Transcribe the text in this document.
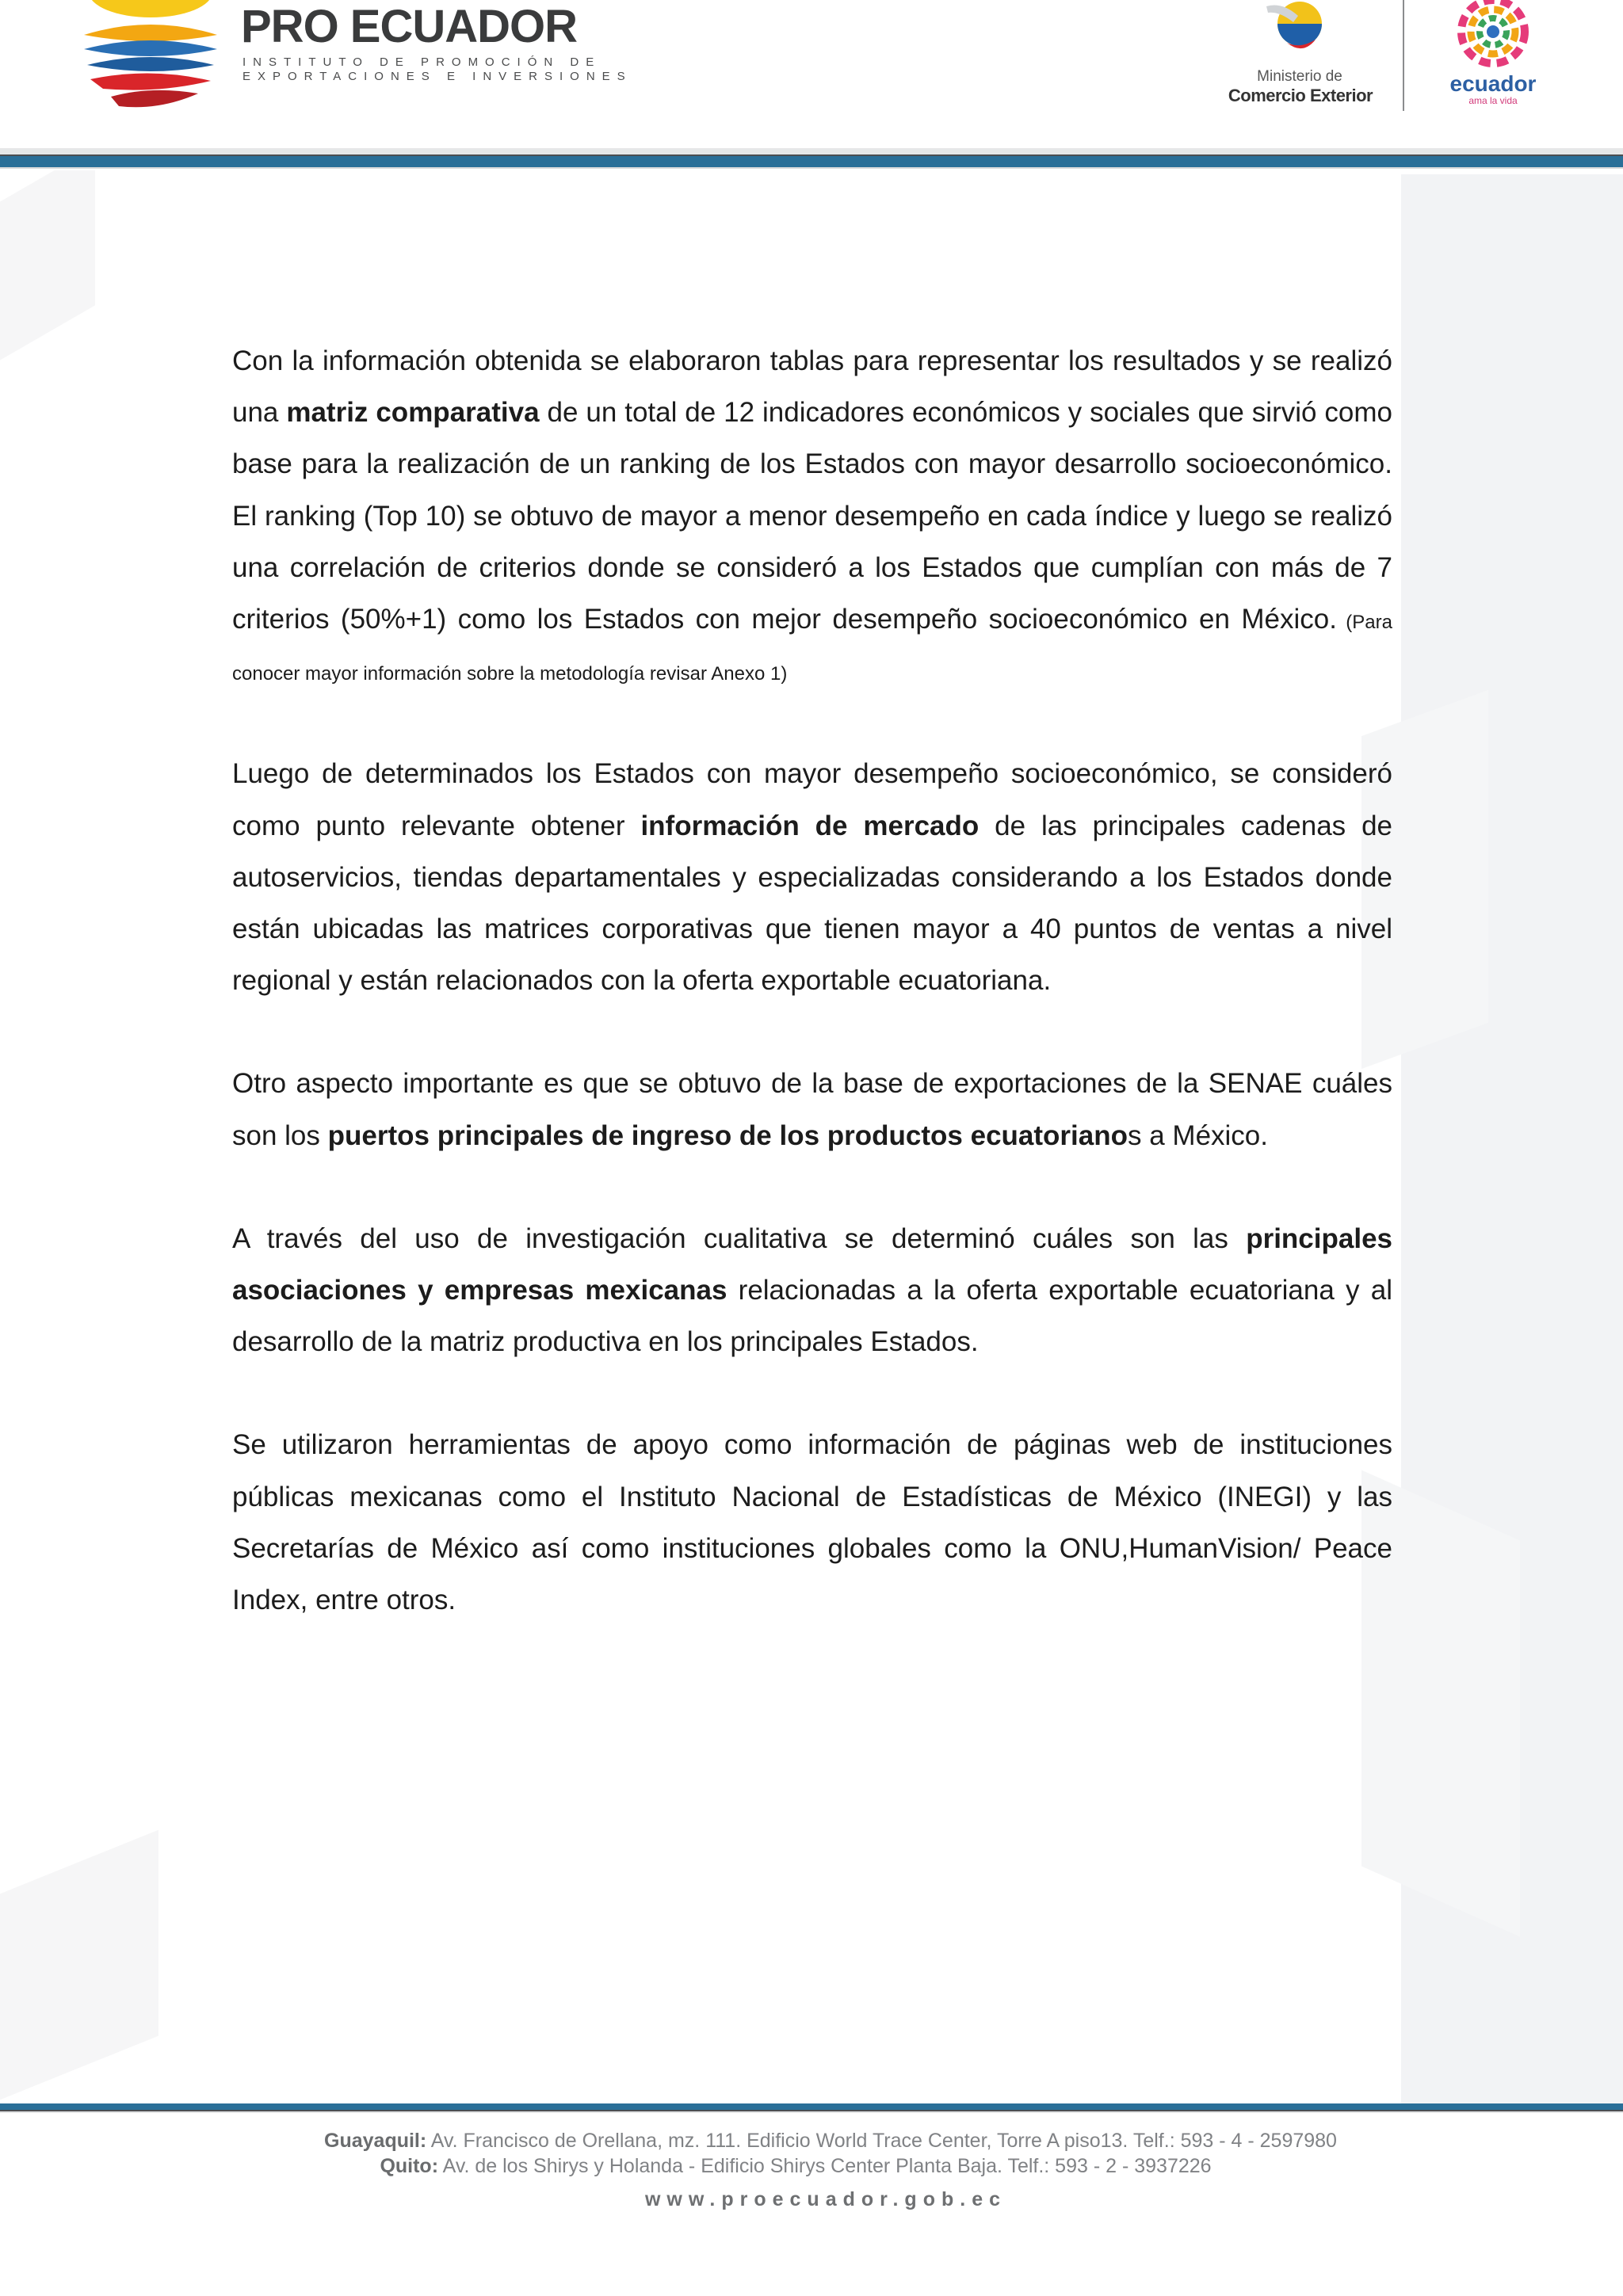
PRO ECUADOR
INSTITUTO DE PROMOCIÓN DE
EXPORTACIONES E INVERSIONES	Ministerio de
Comercio Exterior	ecuador
ama la vida

Con la información obtenida se elaboraron tablas para representar los resultados y se realizó una matriz comparativa de un total de 12 indicadores económicos y sociales que sirvió como base para la realización de un ranking de los Estados con mayor desarrollo socioeconómico. El ranking (Top 10) se obtuvo de mayor a menor desempeño en cada índice y luego se realizó una correlación de criterios donde se consideró a los Estados que cumplían con más de 7 criterios (50%+1) como los Estados con mejor desempeño socioeconómico en México. (Para conocer mayor información sobre la metodología revisar Anexo 1)

Luego de determinados los Estados con mayor desempeño socioeconómico, se consideró como punto relevante obtener información de mercado de las principales cadenas de autoservicios, tiendas departamentales y especializadas considerando a los Estados donde están ubicadas las matrices corporativas que tienen mayor a 40 puntos de ventas a nivel regional y están relacionados con la oferta exportable ecuatoriana.

Otro aspecto importante es que se obtuvo de la base de exportaciones de la SENAE cuáles son los puertos principales de ingreso de los productos ecuatorianos a México.

A través del uso de investigación cualitativa se determinó cuáles son las principales asociaciones y empresas mexicanas relacionadas a la oferta exportable ecuatoriana y al desarrollo de la matriz productiva en los principales Estados.

Se utilizaron herramientas de apoyo como información de páginas web de instituciones públicas mexicanas como el Instituto Nacional de Estadísticas de México (INEGI) y las Secretarías de México así como instituciones globales como la ONU,HumanVision/ Peace Index, entre otros.

Guayaquil: Av. Francisco de Orellana, mz. 111. Edificio World Trace Center, Torre A piso13. Telf.: 593 - 4 - 2597980
Quito: Av. de los Shirys y Holanda - Edificio Shirys Center Planta Baja. Telf.: 593 - 2 - 3937226
www.proecuador.gob.ec
